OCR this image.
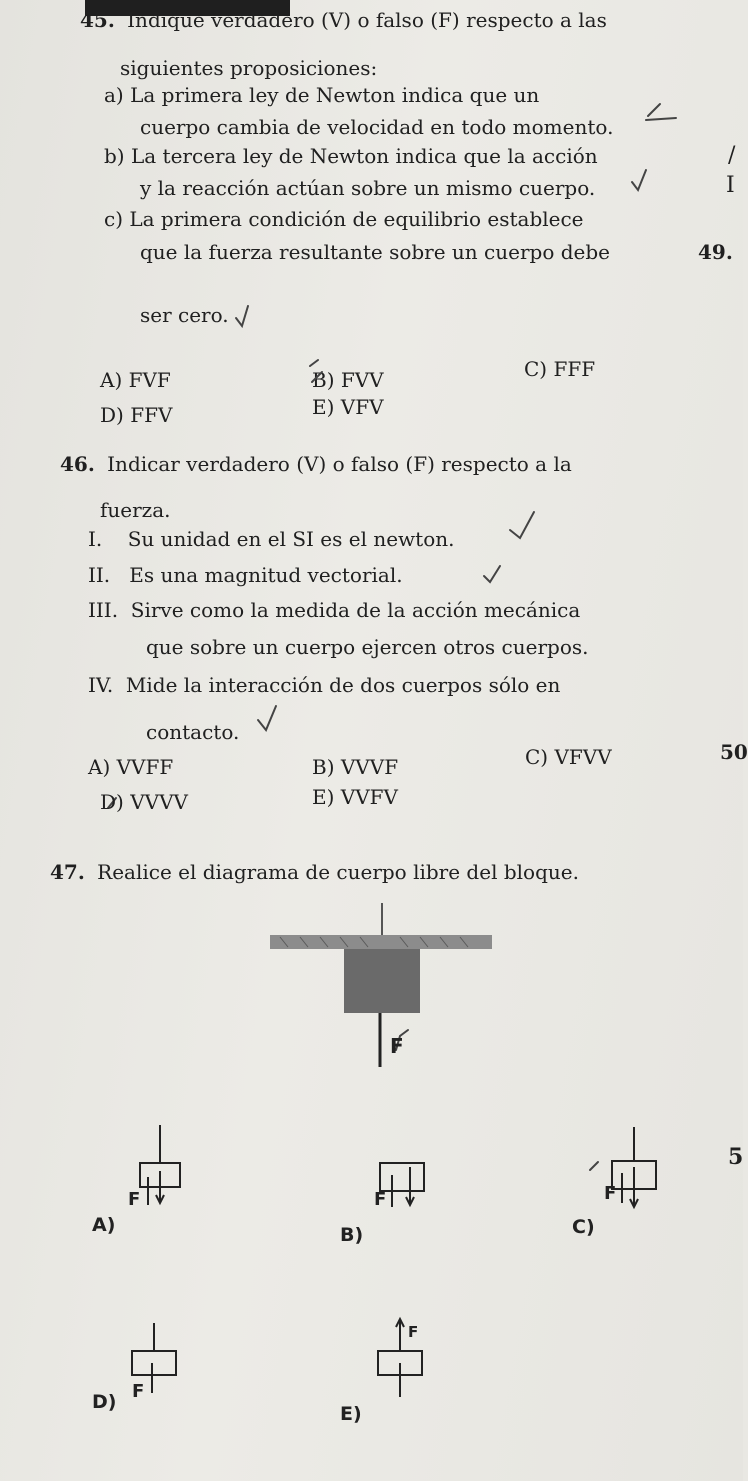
45. Indique verdadero (V) o falso (F) respecto a las
siguientes proposiciones:
a) La primera ley de Newton indica que un
cuerpo cambia de velocidad en todo momento.
b) La tercera ley de Newton indica que la acción
y la reacción actúan sobre un mismo cuerpo.
c) La primera condición de equilibrio establece
que la fuerza resultante sobre un cuerpo debe
ser cero.
A) FVF	B) FVV	C) FFF
D) FFV	E) VFV
/
I
49.
50
5
46. Indicar verdadero (V) o falso (F) respecto a la
fuerza.
I.    Su unidad en el SI es el newton.
II.   Es una magnitud vectorial.
III.  Sirve como la medida de la acción mecánica
que sobre un cuerpo ejercen otros cuerpos.
IV.  Mide la interacción de dos cuerpos sólo en
contacto.
A) VVFF	B) VVVF	C) VFVV
D) VVVV	E) VVFV
47. Realice el diagrama de cuerpo libre del bloque.
F
A)
F
B)
F
C)
F
D) F
E)
F
